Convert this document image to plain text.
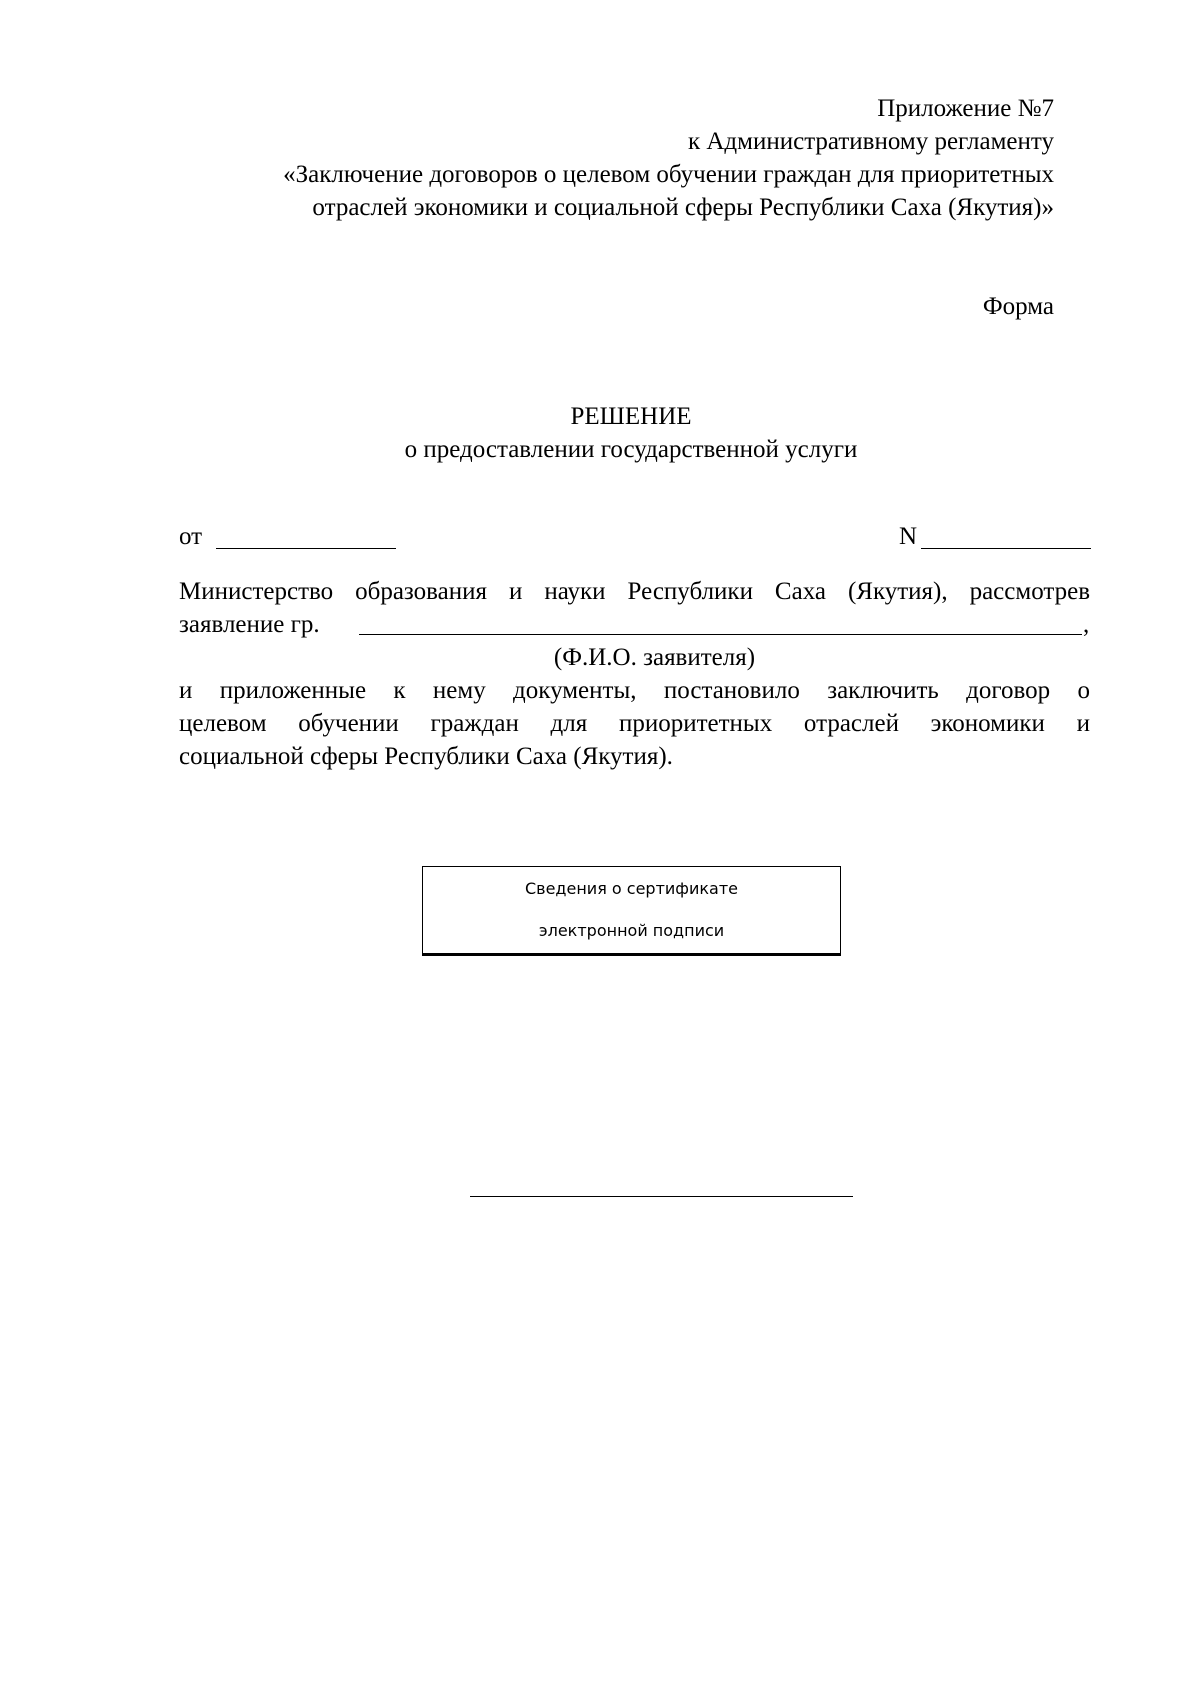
Приложение №7
к Административному регламенту
«Заключение договоров о целевом обучении граждан для приоритетных
отраслей экономики и социальной сферы Республики Саха (Якутия)»
Форма
РЕШЕНИЕ
о предоставлении государственной услуги
от	N
Министерство образования и науки Республики Саха (Якутия), рассмотрев
заявление гр.	,
(Ф.И.О. заявителя)
и приложенные к нему документы, постановило заключить договор о
целевом обучении граждан для приоритетных отраслей экономики и
социальной сферы Республики Саха (Якутия).
Сведения о сертификате
электронной подписи
